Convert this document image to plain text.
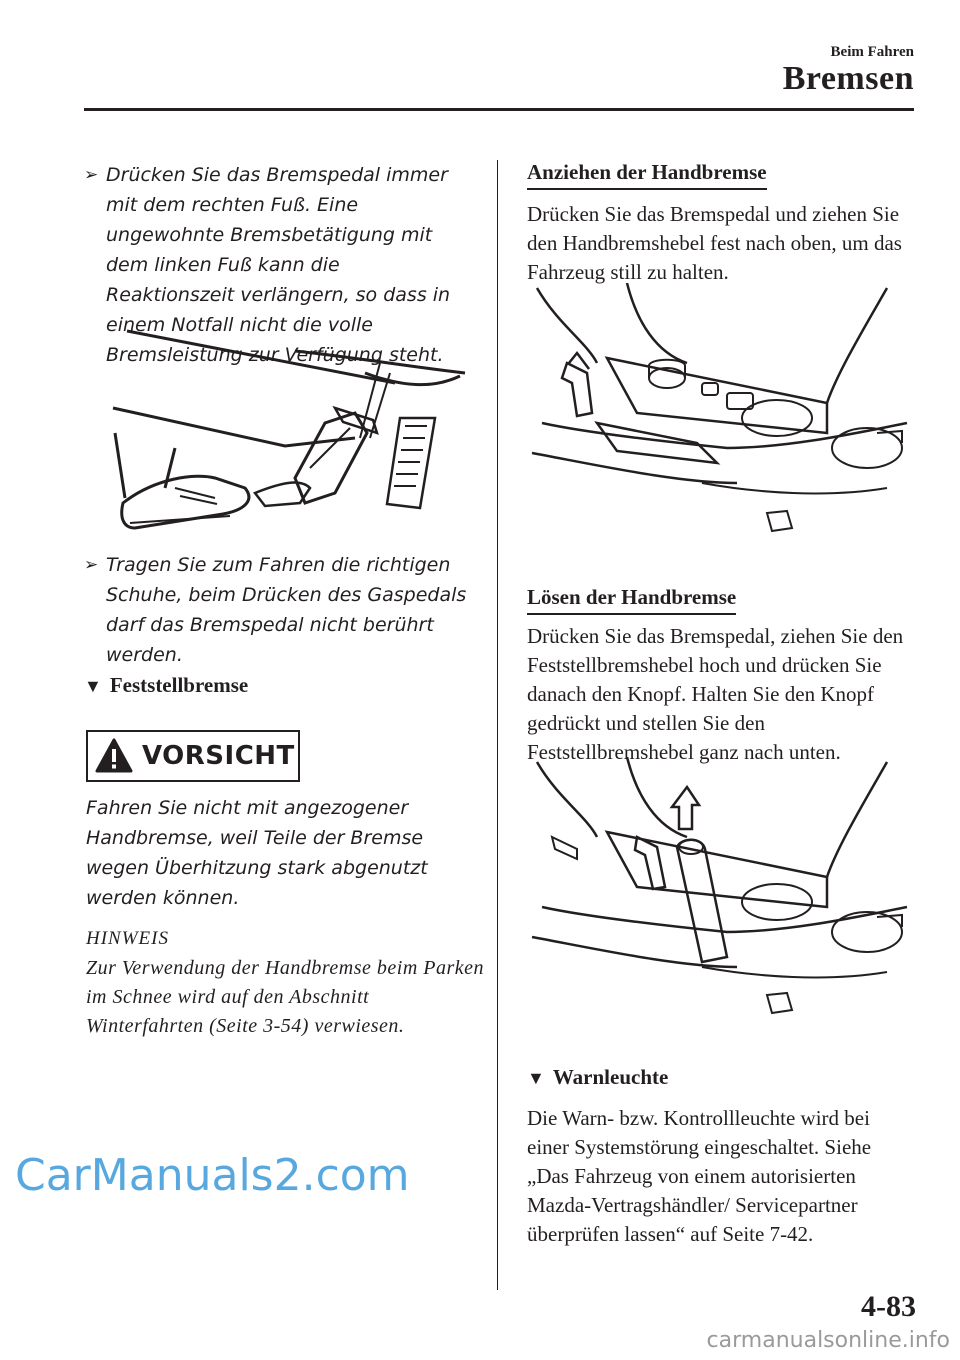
Beim Fahren
Bremsen
➢ Drücken Sie das Bremspedal immer mit dem rechten Fuß. Eine ungewohnte Bremsbetätigung mit dem linken Fuß kann die Reaktionszeit verlängern, so dass in einem Notfall nicht die volle Bremsleistung zur Verfügung steht.
➢ Tragen Sie zum Fahren die richtigen Schuhe, beim Drücken des Gaspedals darf das Bremspedal nicht berührt werden.
▼ Feststellbremse
VORSICHT
Fahren Sie nicht mit angezogener Handbremse, weil Teile der Bremse wegen Überhitzung stark abgenutzt werden können.
HINWEIS
Zur Verwendung der Handbremse beim Parken im Schnee wird auf den Abschnitt Winterfahrten (Seite 3-54) verwiesen.
Anziehen der Handbremse
Drücken Sie das Bremspedal und ziehen Sie den Handbremshebel fest nach oben, um das Fahrzeug still zu halten.
Lösen der Handbremse
Drücken Sie das Bremspedal, ziehen Sie den Feststellbremshebel hoch und drücken Sie danach den Knopf. Halten Sie den Knopf gedrückt und stellen Sie den Feststellbremshebel ganz nach unten.
▼ Warnleuchte
Die Warn- bzw. Kontrollleuchte wird bei einer Systemstörung eingeschaltet. Siehe „Das Fahrzeug von einem autorisierten Mazda-Vertragshändler/ Servicepartner überprüfen lassen“ auf Seite 7-42.
4-83
CarManuals2.com
carmanualsonline.info
